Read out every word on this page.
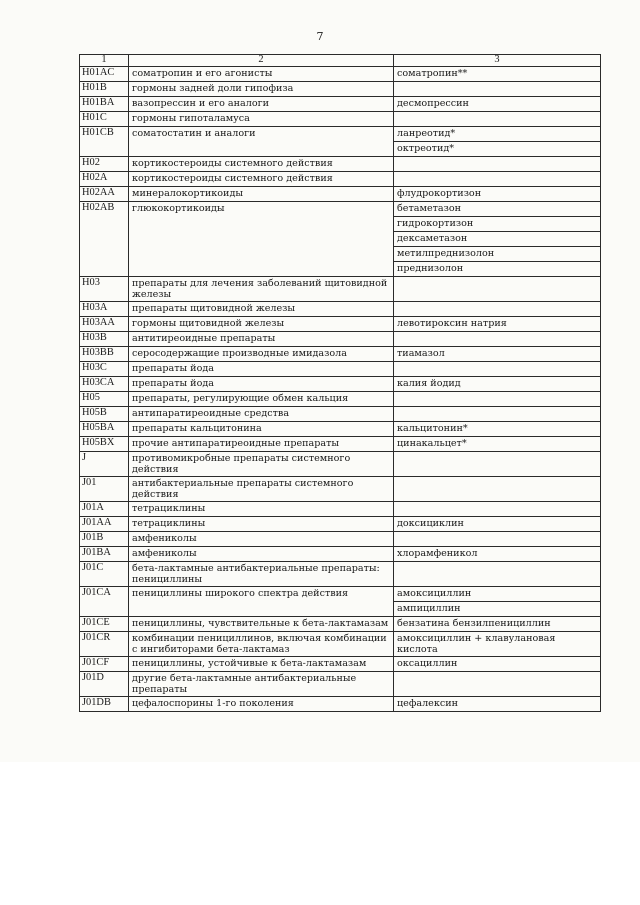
7
1	2	3
H01AC	соматропин и его агонисты	соматропин**
H01B	гормоны задней доли гипофиза	
H01BA	вазопрессин и его аналоги	десмопрессин
H01C	гормоны гипоталамуса	
H01CB	соматостатин и аналоги	ланреотид*
		октреотид*
H02	кортикостероиды системного действия	
H02A	кортикостероиды системного действия	
H02AA	минералокортикоиды	флудрокортизон
H02AB	глюкокортикоиды	бетаметазон
		гидрокортизон
		дексаметазон
		метилпреднизолон
		преднизолон
H03	препараты для лечения заболеваний щитовидной железы	
H03A	препараты щитовидной железы	
H03AA	гормоны щитовидной железы	левотироксин натрия
H03B	антитиреоидные препараты	
H03BB	серосодержащие производные имидазола	тиамазол
H03C	препараты йода	
H03CA	препараты йода	калия йодид
H05	препараты, регулирующие обмен кальция	
H05B	антипаратиреоидные средства	
H05BA	препараты кальцитонина	кальцитонин*
H05BX	прочие антипаратиреоидные препараты	цинакальцет*
J	противомикробные препараты системного действия	
J01	антибактериальные препараты системного действия	
J01A	тетрациклины	
J01AA	тетрациклины	доксициклин
J01B	амфениколы	
J01BA	амфениколы	хлорамфеникол
J01C	бета-лактамные антибактериальные препараты: пенициллины	
J01CA	пенициллины широкого спектра действия	амоксициллин
		ампициллин
J01CE	пенициллины, чувствительные к бета-лактамазам	бензатина бензилпенициллин
J01CR	комбинации пенициллинов, включая комбинации с ингибиторами бета-лактамаз	амоксициллин + клавулановая кислота
J01CF	пенициллины, устойчивые к бета-лактамазам	оксациллин
J01D	другие бета-лактамные антибактериальные препараты	
J01DB	цефалоспорины 1-го поколения	цефалексин
